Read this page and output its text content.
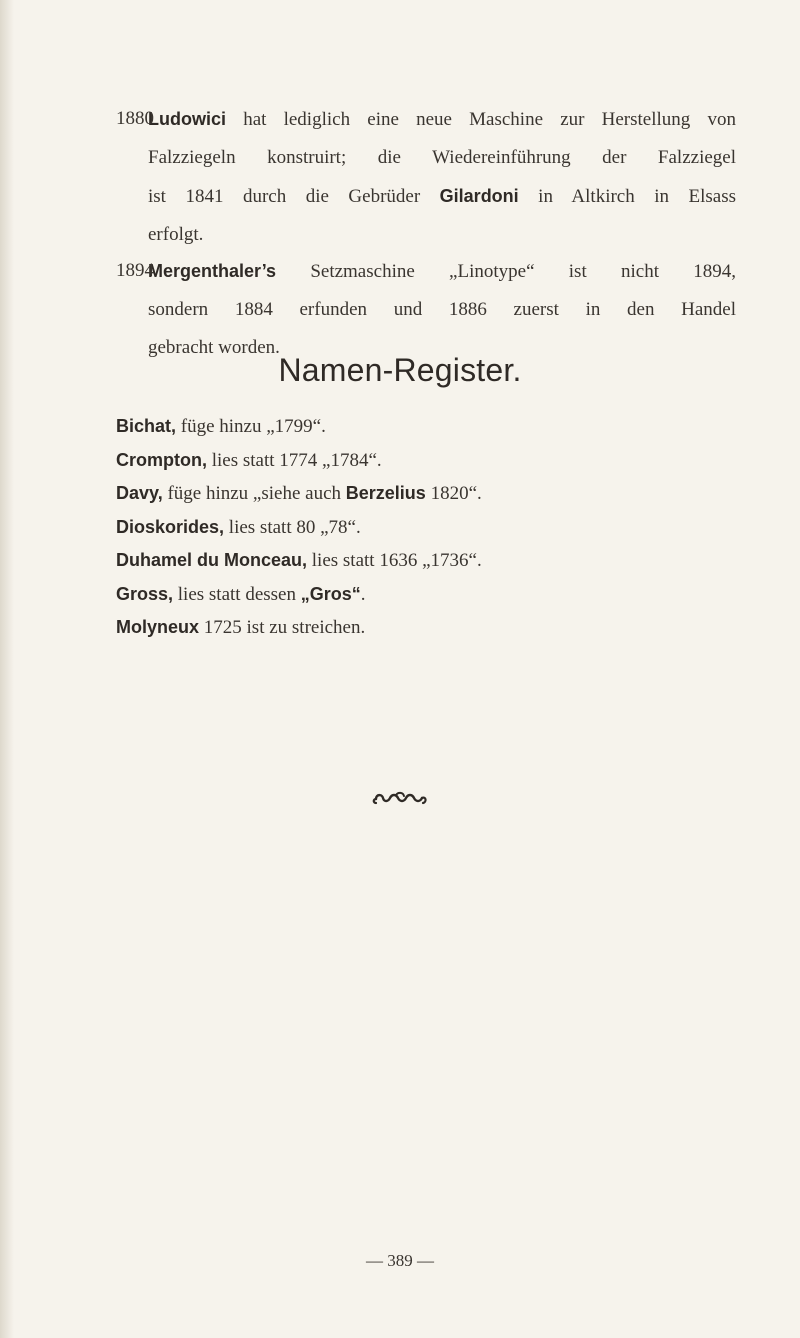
1880
Ludowici hat lediglich eine neue Maschine zur Herstellung von
Falzziegeln konstruirt; die Wiedereinführung der Falzziegel
ist 1841 durch die Gebrüder Gilardoni in Altkirch in Elsass
erfolgt.
1894
Mergenthaler’s Setzmaschine „Linotype“ ist nicht 1894,
sondern 1884 erfunden und 1886 zuerst in den Handel
gebracht worden.
Namen-Register.
Bichat, füge hinzu „1799“.
Crompton, lies statt 1774 „1784“.
Davy, füge hinzu „siehe auch Berzelius 1820“.
Dioskorides, lies statt 80 „78“.
Duhamel du Monceau, lies statt 1636 „1736“.
Gross, lies statt dessen „Gros“.
Molyneux 1725 ist zu streichen.
— 389 —
